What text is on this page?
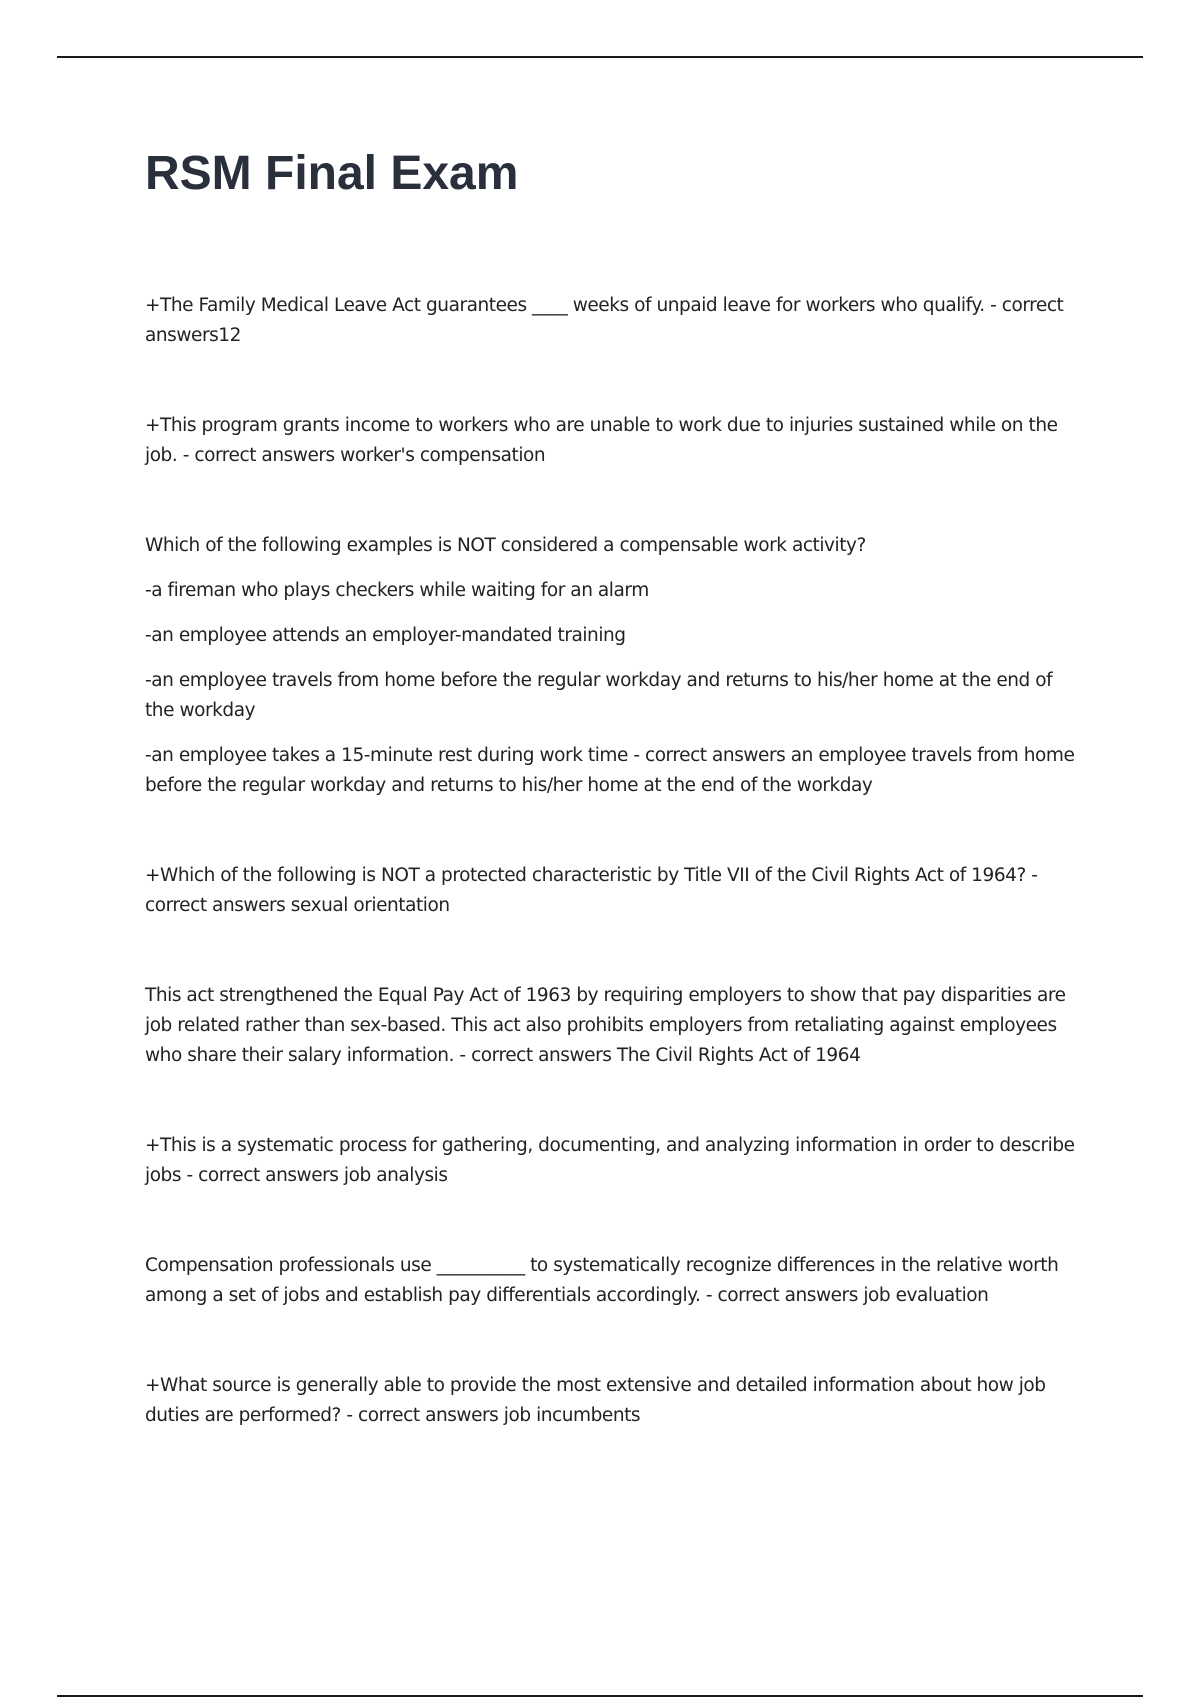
RSM Final Exam

+The Family Medical Leave Act guarantees ____ weeks of unpaid leave for workers who qualify. - correct answers12

+This program grants income to workers who are unable to work due to injuries sustained while on the job. - correct answers worker's compensation

Which of the following examples is NOT considered a compensable work activity?

-a fireman who plays checkers while waiting for an alarm

-an employee attends an employer-mandated training

-an employee travels from home before the regular workday and returns to his/her home at the end of the workday

-an employee takes a 15-minute rest during work time - correct answers an employee travels from home before the regular workday and returns to his/her home at the end of the workday

+Which of the following is NOT a protected characteristic by Title VII of the Civil Rights Act of 1964? - correct answers sexual orientation

This act strengthened the Equal Pay Act of 1963 by requiring employers to show that pay disparities are job related rather than sex-based. This act also prohibits employers from retaliating against employees who share their salary information. - correct answers The Civil Rights Act of 1964

+This is a systematic process for gathering, documenting, and analyzing information in order to describe jobs - correct answers job analysis

Compensation professionals use __________ to systematically recognize differences in the relative worth among a set of jobs and establish pay differentials accordingly. - correct answers job evaluation

+What source is generally able to provide the most extensive and detailed information about how job duties are performed? - correct answers job incumbents
